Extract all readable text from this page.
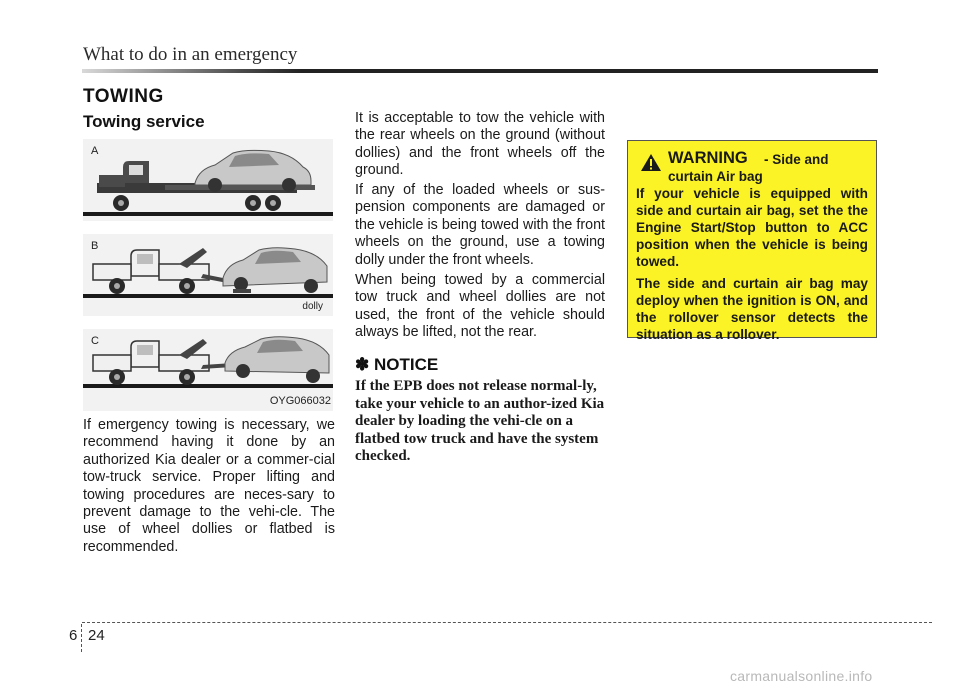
What to do in an emergency
TOWING
Towing service
A
B
dolly
C
OYG066032

If emergency towing is necessary, we recommend having it done by an authorized Kia dealer or a commer-cial tow-truck service. Proper lifting and towing procedures are neces-sary to prevent damage to the vehi-cle. The use of wheel dollies or flatbed is recommended.

It is acceptable to tow the vehicle with the rear wheels on the ground (without dollies) and the front wheels off the ground.

If any of the loaded wheels or sus-pension components are damaged or the vehicle is being towed with the front wheels on the ground, use a towing dolly under the front wheels.

When being towed by a commercial tow truck and wheel dollies are not used, the front of the vehicle should always be lifted, not the rear.

✽ NOTICE

If the EPB does not release normal-ly, take your vehicle to an author-ized Kia dealer by loading the vehi-cle on a flatbed tow truck and have the system checked.

WARNING - Side and
curtain Air bag

If your vehicle is equipped with side and curtain air bag, set the the Engine Start/Stop button to ACC position when the vehicle is being towed.

The side and curtain air bag may deploy when the ignition is ON, and the rollover sensor detects the situation as a rollover.

6 24
carmanualsonline.info
